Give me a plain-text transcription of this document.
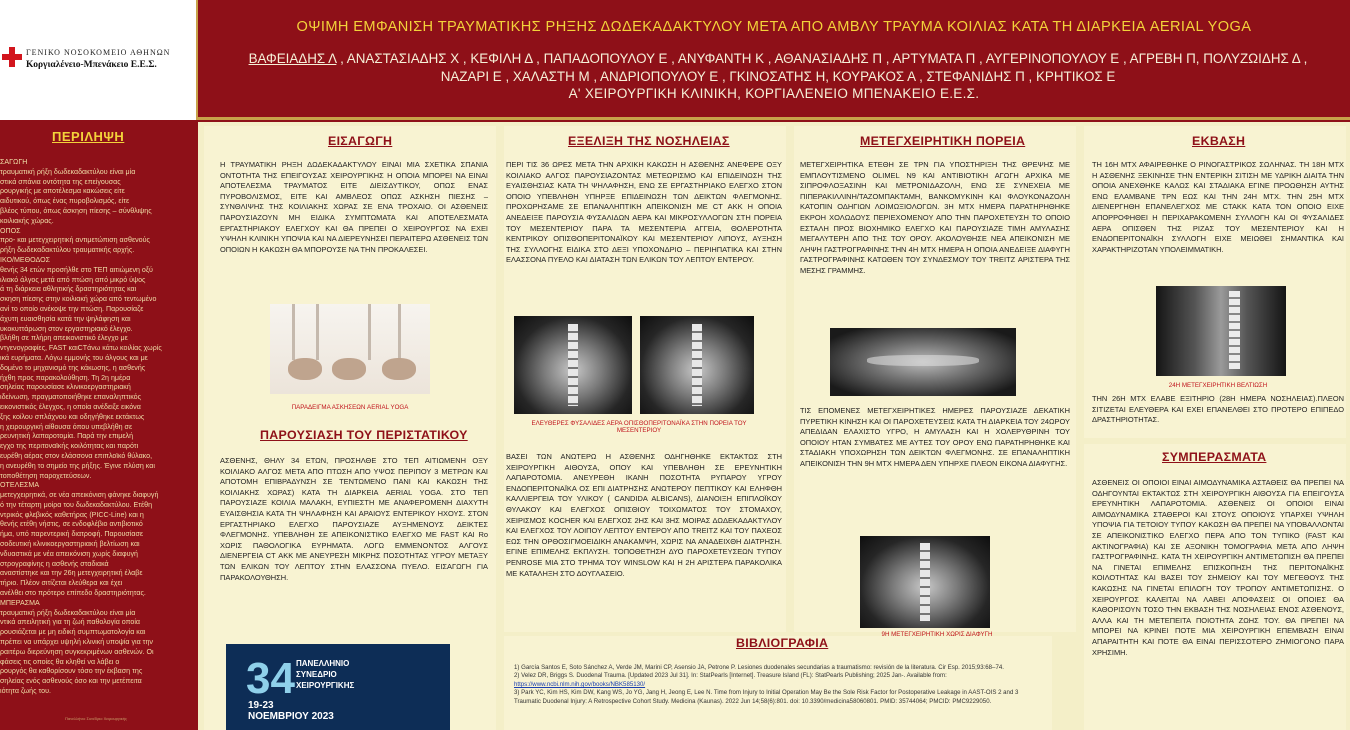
ΓΕΝΙΚΟ ΝΟΣΟΚΟΜΕΙΟ ΑΘΗΝΩΝ
Κοργιαλένειο-Μπενάκειο Ε.Ε.Σ.
ΟΨΙΜΗ ΕΜΦΑΝΙΣΗ ΤΡΑΥΜΑΤΙΚΗΣ ΡΗΞΗΣ ΔΩΔΕΚΑΔΑΚΤΥΛΟΥ ΜΕΤΑ ΑΠΟ ΑΜΒΛΥ ΤΡΑΥΜΑ ΚΟΙΛΙΑΣ ΚΑΤΑ ΤΗ ΔΙΑΡΚΕΙΑ AERIAL YOGA
ΒΑΦΕΙΑΔΗΣ Λ , ΑΝΑΣΤΑΣΙΑΔΗΣ Χ , ΚΕΦΙΛΗ Δ , ΠΑΠΑΔΟΠΟΥΛΟΥ Ε , ΑΝΥΦΑΝΤΗ Κ , ΑΘΑΝΑΣΙΑΔΗΣ Π , ΑΡΤΥΜΑΤΑ Π , ΑΥΓΕΡΙΝΟΠΟΥΛΟΥ Ε , ΑΓΡΕΒΗ Π, ΠΟΛΥΖΩΙΔΗΣ Δ , ΝΑΖΑΡΙ Ε , ΧΑΛΑΣΤΗ Μ , ΑΝΔΡΙΟΠΟΥΛΟΥ Ε , ΓΚΙΝΟΣΑΤΗΣ Η, ΚΟΥΡΑΚΟΣ Α , ΣΤΕΦΑΝΙΔΗΣ Π , ΚΡΗΤΙΚΟΣ Ε
Α' ΧΕΙΡΟΥΡΓΙΚΗ ΚΛΙΝΙΚΗ, ΚΟΡΓΙΑΛΕΝΕΙΟ ΜΠΕΝΑΚΕΙΟ Ε.Ε.Σ.
ΠΕΡΙΛΗΨΗ
ΣΑΓΩΓΗ
τραυματική ρήξη δωδεκαδακτύλου είναι μία
στικά σπάνια οντότητα της επείγουσας
ρουργικής με αποτέλεσμα κακώσεις είτε
αιδυτικού, όπως ένας πυροβολισμός, είτε
βλέος τύπου, όπως άσκηση πίεσης – σύνθλιψης
κοιλιακής χώρας.
ΟΠΟΣ
προ- και μετεγχειρητική αντιμετώπιση ασθενούς
ρήξη δωδεκαδακτύλου τραυματικής αρχής.
ΙΚΟ/ΜΕΘΟΔΟΣ
θενής 34 ετών προσήλθε στο ΤΕΠ αιτιώμενη οξύ
ιλιακό άλγος μετά από πτώση από μικρό ύψος
ά τη διάρκεια αθλητικής δραστηριότητας και
σκηση πίεσης στην κοιλιακή χώρα από τεντωμένο
ανί το οποίο ανέκοψε την πτώση. Παρουσίαζε
άχυτη ευαισθησία κατά την ψηλάφηση και
υκοκυττάρωση στον εργαστηριακό έλεγχο.
βλήθη σε πλήρη απεικονιστικό έλεγχο με
ντγενογραφίες, FAST καιCTάνω κάτω κοιλίας χωρίς
ικά ευρήματα. Λόγω εμμονής του άλγους και με
δομένο το μηχανισμό της κάκωσης, η ασθενής
ήχθη προς παρακολούθηση. Τη 2η ημέρα
σηλείας παρουσίασε κλινικοεργαστηριακή
ιδείνωση, πραγματοποιήθηκε επαναληπτικός
εικονιστικός έλεγχος, η οποία ανέδειξε εικόνα
ξης κοίλου σπλάχνου και οδηγήθηκε εκτάκτως
η χειρουργική αίθουσα όπου υπεβλήθη σε
ρευνητική λαπαροτομία. Παρά την επιμελή
εγχο της περιτοναϊκής κοιλότητας και παρότι
ευρέθη αέρας στον ελάσσονα επιπλοϊκό θύλακο,
η ανευρέθη το σημείο της ρήξης. Έγινε πλύση και
τοποθέτηση παροχετεύσεων.
ΟΤΕΛΕΣΜΑ
μετεγχειρητικά, σε νέα απεικόνιση φάνηκε διαφυγή
ό την τέταρτη μοίρα του δωδεκαδακτύλου. Ετέθη
ντρικός φλεβικός καθετήρας (PICC-Line) και η
θενής ετέθη νήστις, σε ενδοφλέβιο αντιβιοτικό
ήμα, υπό παρεντερική διατροφή. Παρουσίασε
σοδευτική κλινικοεργαστηριακή βελτίωση και
νδυαστικά με νέα απεικόνιση χωρίς διαφυγή
στρογραφίνης η ασθενής σταδιακά
αναστίστηκε και την 26η μετεγχειρητική έλαβε
τήριο. Πλέον σιτίζεται ελεύθερα και έχει
ανέλθει στο πρότερο επίπεδο δραστηριότητας.
ΜΠΕΡΑΣΜΑ
τραυματική ρήξη δωδεκαδακτύλου είναι μία
ντικά απειλητική για τη ζωή παθολογία οποία
ρουσιάζεται με μη ειδική συμπτωματολογία και
πρέπει να υπάρχει υψηλή κλινική υποψία για την
ραιτέρω διερεύνηση συγκεκριμένων ασθενών. Οι
φάσεις τις οποίες θα κληθεί να λάβει ο
ρουργός θα καθορίσουν τόσο την έκβαση της
σηλείας ενός ασθενούς όσο και την μετέπειτα
ιότητα ζωής του.
Πανελλήνιο Συνέδριο Χειρουργικής
ΕΙΣΑΓΩΓΗ
Η ΤΡΑΥΜΑΤΙΚΗ ΡΗΞΗ ΔΩΔΕΚΑΔΑΚΤΥΛΟΥ ΕΙΝΑΙ ΜΙΑ ΣΧΕΤΙΚΑ ΣΠΑΝΙΑ ΟΝΤΟΤΗΤΑ ΤΗΣ ΕΠΕΙΓΟΥΣΑΣ ΧΕΙΡΟΥΡΓΙΚΗΣ Η ΟΠΟΙΑ ΜΠΟΡΕΙ ΝΑ ΕΙΝΑΙ ΑΠΟΤΕΛΕΣΜΑ ΤΡΑΥΜΑΤΟΣ ΕΙΤΕ ΔΙΕΙΣΔΥΤΙΚΟΥ, ΟΠΩΣ ΕΝΑΣ ΠΥΡΟΒΟΛΙΣΜΟΣ, ΕΙΤΕ ΚΑΙ ΑΜΒΛΕΟΣ ΟΠΩΣ ΑΣΚΗΣΗ ΠΙΕΣΗΣ – ΣΥΝΘΛΙΨΗΣ ΤΗΣ ΚΟΙΛΙΑΚΗΣ ΧΩΡΑΣ ΣΕ ΕΝΑ ΤΡΟΧΑΙΟ. ΟΙ ΑΣΘΕΝΕΙΣ ΠΑΡΟΥΣΙΑΖΟΥΝ ΜΗ ΕΙΔΙΚΑ ΣΥΜΠΤΩΜΑΤΑ ΚΑΙ ΑΠΟΤΕΛΕΣΜΑΤΑ ΕΡΓΑΣΤΗΡΙΑΚΟΥ ΕΛΕΓΧΟΥ ΚΑΙ ΘΑ ΠΡΕΠΕΙ Ο ΧΕΙΡΟΥΡΓΟΣ ΝΑ ΕΧΕΙ ΥΨΗΛΗ ΚΛΙΝΙΚΗ ΥΠΟΨΙΑ ΚΑΙ ΝΑ ΔΙΕΡΕΥΝΗΣΕΙ ΠΕΡΑΙΤΕΡΩ ΑΣΘΕΝΕΙΣ ΤΩΝ ΟΠΟΙΩΝ Η ΚΑΚΩΣΗ ΘΑ ΜΠΟΡΟΥΣΕ ΝΑ ΤΗΝ ΠΡΟΚΑΛΕΣΕΙ.
ΠΑΡΑΔΕΙΓΜΑ ΑΣΚΗΣΕΩΝ AERIAL YOGA
ΠΑΡΟΥΣΙΑΣΗ ΤΟΥ ΠΕΡΙΣΤΑΤΙΚΟΥ
ΑΣΘΕΝΗΣ, ΘΗΛΥ 34 ΕΤΩΝ, ΠΡΟΣΗΛΘΕ ΣΤΟ ΤΕΠ ΑΙΤΙΩΜΕΝΗ ΟΞΥ ΚΟΙΛΙΑΚΟ ΑΛΓΟΣ ΜΕΤΑ ΑΠΟ ΠΤΩΣΗ ΑΠΟ ΥΨΟΣ ΠΕΡΙΠΟΥ 3 ΜΕΤΡΩΝ ΚΑΙ ΑΠΟΤΟΜΗ ΕΠΙΒΡΑΔΥΝΣΗ ΣΕ ΤΕΝΤΩΜΕΝΟ ΠΑΝΙ ΚΑΙ ΚΑΚΩΣΗ ΤΗΣ ΚΟΙΛΙΑΚΗΣ ΧΩΡΑΣ) ΚΑΤΑ ΤΗ ΔΙΑΡΚΕΙΑ AERIAL YOGA. ΣΤΟ ΤΕΠ ΠΑΡΟΥΣΙΑΖΕ ΚΟΙΛΙΑ ΜΑΛΑΚΗ, ΕΥΠΙΕΣΤΗ ΜΕ ΑΝΑΦΕΡΟΜΕΝΗ ΔΙΑΧΥΤΗ ΕΥΑΙΣΘΗΣΙΑ ΚΑΤΑ ΤΗ ΨΗΛΑΦΗΣΗ ΚΑΙ ΑΡΑΙΟΥΣ ΕΝΤΕΡΙΚΟΥ ΗΧΟΥΣ. ΣΤΟΝ ΕΡΓΑΣΤΗΡΙΑΚΟ ΕΛΕΓΧΟ ΠΑΡΟΥΣΙΑΖΕ ΑΥΞΗΜΕΝΟΥΣ ΔΕΙΚΤΕΣ ΦΛΕΓΜΟΝΗΣ. ΥΠΕΒΛΗΘΗ ΣΕ ΑΠΕΙΚΟΝΙΣΤΙΚΟ ΕΛΕΓΧΟ ΜΕ FAST ΚΑΙ Ro ΧΩΡΙΣ ΠΑΘΟΛΟΓΙΚΑ ΕΥΡΗΜΑΤΑ. ΛΟΓΩ ΕΜΜΕΝΟΝΤΟΣ ΑΛΓΟΥΣ ΔΙΕΝΕΡΓΕΙΑ CT ΑΚΚ ΜΕ ΑΝΕΥΡΕΣΗ ΜΙΚΡΗΣ ΠΟΣΟΤΗΤΑΣ ΥΓΡΟΥ ΜΕΤΑΞΥ ΤΩΝ ΕΛΙΚΩΝ ΤΟΥ ΛΕΠΤΟΥ ΣΤΗΝ ΕΛΑΣΣΟΝΑ ΠΥΕΛΟ. ΕΙΣΑΓΩΓΗ ΓΙΑ ΠΑΡΑΚΟΛΟΥΘΗΣΗ.
34 ΠΑΝΕΛΛΗΝΙΟ
ΣΥΝΕΔΡΙΟ
ΧΕΙΡΟΥΡΓΙΚΗΣ
19-23
ΝΟΕΜΒΡΙΟΥ 2023
ΕΞΕΛΙΞΗ ΤΗΣ ΝΟΣΗΛΕΙΑΣ
ΠΕΡΙ ΤΙΣ 36 ΩΡΕΣ ΜΕΤΑ ΤΗΝ ΑΡΧΙΚΗ ΚΑΚΩΣΗ Η ΑΣΘΕΝΗΣ ΑΝΕΦΕΡΕ ΟΞΥ ΚΟΙΛΙΑΚΟ ΑΛΓΟΣ ΠΑΡΟΥΣΙΑΖΟΝΤΑΣ ΜΕΤΕΩΡΙΣΜΟ ΚΑΙ ΕΠΙΔΕΙΝΩΣΗ ΤΗΣ ΕΥΑΙΣΘΗΣΙΑΣ ΚΑΤΑ ΤΗ ΨΗΛΑΦΗΣΗ, ΕΝΩ ΣΕ ΕΡΓΑΣΤΗΡΙΑΚΟ ΕΛΕΓΧΟ ΣΤΟΝ ΟΠΟΙΟ ΥΠΕΒΛΗΘΗ ΥΠΗΡΞΕ ΕΠΙΔΕΙΝΩΣΗ ΤΩΝ ΔΕΙΚΤΩΝ ΦΛΕΓΜΟΝΗΣ. ΠΡΟΧΩΡΗΣΑΜΕ ΣΕ ΕΠΑΝΑΛΗΠΤΙΚΗ ΑΠΕΙΚΟΝΙΣΗ ΜΕ CT ΑΚΚ Η ΟΠΟΙΑ ΑΝΕΔΕΙΞΕ ΠΑΡΟΥΣΙΑ ΦΥΣΑΛΙΔΩΝ ΑΕΡΑ ΚΑΙ ΜΙΚΡΟΣΥΛΛΟΓΩΝ ΣΤΗ ΠΟΡΕΙΑ ΤΟΥ ΜΕΣΕΝΤΕΡΙΟΥ ΠΑΡΑ ΤΑ ΜΕΣΕΝΤΕΡΙΑ ΑΓΓΕΙΑ, ΘΟΛΕΡΟΤΗΤΑ ΚΕΝΤΡΙΚΟΥ ΟΠΙΣΘΟΠΕΡΙΤΟΝΑΪΚΟΥ ΚΑΙ ΜΕΣΕΝΤΕΡΙΟΥ ΛΙΠΟΥΣ, ΑΥΞΗΣΗ ΤΗΣ ΣΥΛΛΟΓΗΣ ΕΙΔΙΚΑ ΣΤΟ ΔΕΞΙ ΥΠΟΧΟΝΔΡΙΟ – ΠΕΡΙΗΠΑΤΙΚΑ ΚΑΙ ΣΤΗΝ ΕΛΑΣΣΟΝΑ ΠΥΕΛΟ ΚΑΙ ΔΙΑΤΑΣΗ ΤΩΝ ΕΛΙΚΩΝ ΤΟΥ ΛΕΠΤΟΥ ΕΝΤΕΡΟΥ.
ΕΛΕΥΘΕΡΕΣ ΦΥΣΑΛΙΔΕΣ ΑΕΡΑ ΟΠΙΣΘΟΠΕΡΙΤΟΝΑΪΚΑ ΣΤΗΝ ΠΟΡΕΙΑ ΤΟΥ ΜΕΣΕΝΤΕΡΙΟΥ
ΒΑΣΕΙ ΤΩΝ ΑΝΩΤΕΡΩ Η ΑΣΘΕΝΗΣ ΟΔΗΓΗΘΗΚΕ ΕΚΤΑΚΤΩΣ ΣΤΗ ΧΕΙΡΟΥΡΓΙΚΗ ΑΙΘΟΥΣΑ, ΟΠΟΥ ΚΑΙ ΥΠΕΒΛΗΘΗ ΣΕ ΕΡΕΥΝΗΤΙΚΗ ΛΑΠΑΡΟΤΟΜΙΑ. ΑΝΕΥΡΕΘΗ ΙΚΑΝΗ ΠΟΣΟΤΗΤΑ ΡΥΠΑΡΟΥ ΥΓΡΟΥ ΕΝΔΟΠΕΡΙΤΟΝΑΪΚΑ ΟΣ ΕΠΙ ΔΙΑΤΡΗΣΗΣ ΑΝΩΤΕΡΟΥ ΠΕΠΤΙΚΟΥ ΚΑΙ ΕΛΗΦΘΗ ΚΑΛΛΙΕΡΓΕΙΑ ΤΟΥ ΥΛΙΚΟΥ ( CANDIDA ALBICANS), ΔΙΑΝΟΙΞΗ ΕΠΙΠΛΟΪΚΟΥ ΘΥΛΑΚΟΥ ΚΑΙ ΕΛΕΓΧΟΣ ΟΠΙΣΘΙΟΥ ΤΟΙΧΩΜΑΤΟΣ ΤΟΥ ΣΤΟΜΑΧΟΥ, ΧΕΙΡΙΣΜΟΣ KOCHER ΚΑΙ ΕΛΕΓΧΟΣ 2ΗΣ ΚΑΙ 3ΗΣ ΜΟΙΡΑΣ ΔΩΔΕΚΑΔΑΚΤΥΛΟΥ ΚΑΙ ΕΛΕΓΧΟΣ ΤΟΥ ΛΟΙΠΟΥ ΛΕΠΤΟΥ ΕΝΤΕΡΟΥ ΑΠΟ TREITZ ΚΑΙ ΤΟΥ ΠΑΧΕΟΣ ΕΩΣ ΤΗΝ ΟΡΘΟΣΙΓΜΟΕΙΔΙΚΗ ΑΝΑΚΑΜΨΗ, ΧΩΡΙΣ ΝΑ ΑΝΑΔΕΙΧΘΗ ΔΙΑΤΡΗΣΗ. ΕΓΙΝΕ ΕΠΙΜΕΛΗΣ ΕΚΠΛΥΣΗ. ΤΟΠΟΘΕΤΗΣΗ ΔΥΟ ΠΑΡΟΧΕΤΕΥΣΕΩΝ ΤΥΠΟΥ PENROSE ΜΙΑ ΣΤΟ ΤΡΗΜΑ ΤΟΥ WINSLOW ΚΑΙ Η 2Η ΑΡΙΣΤΕΡΑ ΠΑΡΑΚΟΛΙΚΑ ΜΕ ΚΑΤΑΛΗΞΗ ΣΤΟ ΔΟΥΓΛΑΣΕΙΟ.
ΒΙΒΛΙΟΓΡΑΦΙΑ
1) García Santos E, Soto Sánchez A, Verde JM, Marini CP, Asensio JA, Petrone P. Lesiones duodenales secundarias a traumatismo: revisión de la literatura. Cir Esp. 2015;93:68–74.
2) Velez DR, Briggs S. Duodenal Trauma. [Updated 2023 Jul 31]. In: StatPearls [Internet]. Treasure Island (FL): StatPearls Publishing; 2025 Jan-. Available from:
https://www.ncbi.nlm.nih.gov/books/NBK585130/
3) Park YC, Kim HS, Kim DW, Kang WS, Jo YG, Jang H, Jeong E, Lee N. Time from Injury to Initial Operation May Be the Sole Risk Factor for Postoperative Leakage in AAST-OIS 2 and 3 Traumatic Duodenal Injury: A Retrospective Cohort Study. Medicina (Kaunas). 2022 Jun 14;58(6):801. doi: 10.3390/medicina58060801. PMID: 35744064; PMCID: PMC9229050.
ΜΕΤΕΓΧΕΙΡΗΤΙΚΗ ΠΟΡΕΙΑ
ΜΕΤΕΓΧΕΙΡΗΤΙΚΑ ΕΤΕΘΗ ΣΕ TPN ΓΙΑ ΥΠΟΣΤΗΡΙΞΗ ΤΗΣ ΘΡΕΨΗΣ ΜΕ ΕΜΠΛΟΥΤΙΣΜΕΝΟ OLIMEL N9 ΚΑΙ ΑΝΤΙΒΙΟΤΙΚΗ ΑΓΩΓΗ ΑΡΧΙΚΑ ΜΕ ΣΙΠΡΟΦΛΟΞΑΣΙΝΗ ΚΑΙ ΜΕΤΡΟΝΙΔΑΖΟΛΗ, ΕΝΩ ΣΕ ΣΥΝΕΧΕΙΑ ΜΕ ΠΙΠΕΡΑΚΙΛΛΙΝΗ/ΤΑΖΟΜΠΑΚΤΑΜΗ, ΒΑΝΚΟΜΥΚΙΝΗ ΚΑΙ ΦΛΟΥΚΟΝΑΖΟΛΗ ΚΑΤΟΠΙΝ ΟΔΗΓΙΩΝ ΛΟΙΜΩΞΙΟΛΟΓΩΝ. 3Η ΜΤΧ ΗΜΕΡΑ ΠΑΡΑΤΗΡΗΘΗΚΕ ΕΚΡΟΗ ΧΟΛΩΔΟΥΣ ΠΕΡΙΕΧΟΜΕΝΟΥ ΑΠΟ ΤΗΝ ΠΑΡΟΧΕΤΕΥΣΗ ΤΟ ΟΠΟΙΟ ΕΣΤΑΛΗ ΠΡΟΣ ΒΙΟΧΗΜΙΚΟ ΕΛΕΓΧΟ ΚΑΙ ΠΑΡΟΥΣΙΑΖΕ ΤΙΜΗ ΑΜΥΛΑΣΗΣ ΜΕΓΑΛΥΤΕΡΗ ΑΠΟ ΤΗΣ ΤΟΥ ΟΡΟΥ. ΑΚΟΛΟΥΘΗΣΕ ΝΕΑ ΑΠΕΙΚΟΝΙΣΗ ΜΕ ΛΗΨΗ ΓΑΣΤΡΟΓΡΑΦΙΝΗΣ ΤΗΝ 4Η ΜΤΧ ΗΜΕΡΑ Η ΟΠΟΙΑ ΑΝΕΔΕΙΞΕ ΔΙΑΦΥΓΗ ΓΑΣΤΡΟΓΡΑΦΙΝΗΣ ΚΑΤΩΘΕΝ ΤΟΥ ΣΥΝΔΕΣΜΟΥ ΤΟΥ TREITZ ΑΡΙΣΤΕΡΑ ΤΗΣ ΜΕΣΗΣ ΓΡΑΜΜΗΣ.
ΤΙΣ ΕΠΟΜΕΝΕΣ ΜΕΤΕΓΧΕΙΡΗΤΙΚΕΣ ΗΜΕΡΕΣ ΠΑΡΟΥΣΙΑΖΕ ΔΕΚΑΤΙΚΗ ΠΥΡΕΤΙΚΗ ΚΙΝΗΣΗ ΚΑΙ ΟΙ ΠΑΡΟΧΕΤΕΥΣΕΙΣ ΚΑΤΑ ΤΗ ΔΙΑΡΚΕΙΑ ΤΟΥ 24ΩΡΟΥ ΑΠΕΔΙΔΑΝ ΕΛΑΧΙΣΤΟ ΥΓΡΟ, Η ΑΜΥΛΑΣΗ ΚΑΙ Η ΧΟΛΕΡΥΘΡΙΝΗ ΤΟΥ ΟΠΟΙΟΥ ΗΤΑΝ ΣΥΜΒΑΤΕΣ ΜΕ ΑΥΤΕΣ ΤΟΥ ΟΡΟΥ ΕΝΩ ΠΑΡΑΤΗΡΗΘΗΚΕ ΚΑΙ ΣΤΑΔΙΑΚΗ ΥΠΟΧΩΡΗΣΗ ΤΩΝ ΔΕΙΚΤΩΝ ΦΛΕΓΜΟΝΗΣ. ΣΕ ΕΠΑΝΑΛΗΠΤΙΚΗ ΑΠΕΙΚΟΝΙΣΗ ΤΗΝ 9Η ΜΤΧ ΗΜΕΡΑ ΔΕΝ ΥΠΗΡΧΕ ΠΛΕΟΝ ΕΙΚΟΝΑ ΔΙΑΦΥΓΗΣ.
9Η ΜΕΤΕΓΧΕΙΡΗΤΙΚΗ ΧΩΡΙΣ ΔΙΑΦΥΓΗ
ΕΚΒΑΣΗ
ΤΗ 16Η ΜΤΧ ΑΦΑΙΡΕΘΗΚΕ Ο ΡΙΝΟΓΑΣΤΡΙΚΟΣ ΣΩΛΗΝΑΣ. ΤΗ 18Η ΜΤΧ Η ΑΣΘΕΝΗΣ ΞΕΚΙΝΗΣΕ ΤΗΝ ΕΝΤΕΡΙΚΗ ΣΙΤΙΣΗ ΜΕ ΥΔΡΙΚΗ ΔΙΑΙΤΑ ΤΗΝ ΟΠΟΙΑ ΑΝΕΧΘΗΚΕ ΚΑΛΩΣ ΚΑΙ ΣΤΑΔΙΑΚΑ ΕΓΙΝΕ ΠΡΟΩΘΗΣΗ ΑΥΤΗΣ ΕΝΩ ΕΛΑΜΒΑΝΕ TPN ΕΩΣ ΚΑΙ ΤΗΝ 24Η ΜΤΧ. ΤΗΝ 25Η ΜΤΧ ΔΙΕΝΕΡΓΗΘΗ ΕΠΑΝΕΛΕΓΧΟΣ ΜΕ CTAKK ΚΑΤΑ ΤΟΝ ΟΠΟΙΟ ΕΙΧΕ ΑΠΟΡΡΟΦΗΘΕΙ Η ΠΕΡΙΧΑΡΑΚΩΜΕΝΗ ΣΥΛΛΟΓΗ ΚΑΙ ΟΙ ΦΥΣΑΛΙΔΕΣ ΑΕΡΑ ΟΠΙΣΘΕΝ ΤΗΣ ΡΙΖΑΣ ΤΟΥ ΜΕΣΕΝΤΕΡΙΟΥ ΚΑΙ Η ΕΝΔΟΠΕΡΙΤΟΝΑΪΚΗ ΣΥΛΛΟΓΗ ΕΙΧΕ ΜΕΙΩΘΕΙ ΣΗΜΑΝΤΙΚΑ ΚΑΙ ΧΑΡΑΚΤΗΡΙΖΟΤΑΝ ΥΠΟΛΕΙΜΜΑΤΙΚΗ.
24Η ΜΕΤΕΓΧΕΙΡΗΤΙΚΗ ΒΕΛΤΙΩΣΗ
ΤΗΝ 26Η ΜΤΧ ΕΛΑΒΕ ΕΞΙΤΗΡΙΟ (28Η ΗΜΕΡΑ ΝΟΣΗΛΕΙΑΣ).ΠΛΕΟΝ ΣΙΤΙΖΕΤΑΙ ΕΛΕΥΘΕΡΑ ΚΑΙ ΕΧΕΙ ΕΠΑΝΕΛΘΕΙ ΣΤΟ ΠΡΟΤΕΡΟ ΕΠΙΠΕΔΟ ΔΡΑΣΤΗΡΙΟΤΗΤΑΣ.
ΣΥΜΠΕΡΑΣΜΑΤΑ
ΑΣΘΕΝΕΙΣ ΟΙ ΟΠΟΙΟΙ ΕΙΝΑΙ ΑΙΜΟΔΥΝΑΜΙΚΑ ΑΣΤΑΘΕΙΣ ΘΑ ΠΡΕΠΕΙ ΝΑ ΟΔΗΓΟΥΝΤΑΙ ΕΚΤΑΚΤΩΣ ΣΤΗ ΧΕΙΡΟΥΡΓΙΚΗ ΑΙΘΟΥΣΑ ΓΙΑ ΕΠΕΙΓΟΥΣΑ ΕΡΕΥΝΗΤΙΚΗ ΛΑΠΑΡΟΤΟΜΙΑ. ΑΣΘΕΝΕΙΣ ΟΙ ΟΠΟΙΟΙ ΕΙΝΑΙ ΑΙΜΟΔΥΝΑΜΙΚΑ ΣΤΑΘΕΡΟΙ ΚΑΙ ΣΤΟΥΣ ΟΠΟΙΟΥΣ ΥΠΑΡΧΕΙ ΥΨΗΛΗ ΥΠΟΨΙΑ ΓΙΑ ΤΕΤΟΙΟΥ ΤΥΠΟΥ ΚΑΚΩΣΗ ΘΑ ΠΡΕΠΕΙ ΝΑ ΥΠΟΒΑΛΛΟΝΤΑΙ ΣΕ ΑΠΕΙΚΟΝΙΣΤΙΚΟ ΕΛΕΓΧΟ ΠΕΡΑ ΑΠΟ ΤΟΝ ΤΥΠΙΚΟ (FAST ΚΑΙ ΑΚΤΙΝΟΓΡΑΦΙΑ) ΚΑΙ ΣΕ ΑΞΟΝΙΚΗ ΤΟΜΟΓΡΑΦΙΑ ΜΕΤΑ ΑΠΟ ΛΗΨΗ ΓΑΣΤΡΟΓΡΑΦΙΝΗΣ. ΚΑΤΑ ΤΗ ΧΕΙΡΟΥΡΓΙΚΗ ΑΝΤΙΜΕΤΩΠΙΣΗ ΘΑ ΠΡΕΠΕΙ ΝΑ ΓΙΝΕΤΑΙ ΕΠΙΜΕΛΗΣ ΕΠΙΣΚΟΠΗΣΗ ΤΗΣ ΠΕΡΙΤΟΝΑΪΚΗΣ ΚΟΙΛΟΤΗΤΑΣ ΚΑΙ ΒΑΣΕΙ ΤΟΥ ΣΗΜΕΙΟΥ ΚΑΙ ΤΟΥ ΜΕΓΕΘΟΥΣ ΤΗΣ ΚΑΚΩΣΗΣ ΝΑ ΓΙΝΕΤΑΙ ΕΠΙΛΟΓΗ ΤΟΥ ΤΡΟΠΟΥ ΑΝΤΙΜΕΤΩΠΙΣΗΣ. Ο ΧΕΙΡΟΥΡΓΟΣ ΚΑΛΕΙΤΑΙ ΝΑ ΛΑΒΕΙ ΑΠΟΦΑΣΕΙΣ ΟΙ ΟΠΟΙΕΣ ΘΑ ΚΑΘΟΡΙΣΟΥΝ ΤΟΣΟ ΤΗΝ ΕΚΒΑΣΗ ΤΗΣ ΝΟΣΗΛΕΙΑΣ ΕΝΟΣ ΑΣΘΕΝΟΥΣ, ΑΛΛΑ ΚΑΙ ΤΗ ΜΕΤΕΠΕΙΤΑ ΠΟΙΟΤΗΤΑ ΖΩΗΣ ΤΟΥ. ΘΑ ΠΡΕΠΕΙ ΝΑ ΜΠΟΡΕΙ ΝΑ ΚΡΙΝΕΙ ΠΟΤΕ ΜΙΑ ΧΕΙΡΟΥΡΓΙΚΗ ΕΠΕΜΒΑΣΗ ΕΙΝΑΙ ΑΠΑΡΑΙΤΗΤΗ ΚΑΙ ΠΟΤΕ ΘΑ ΕΙΝΑΙ ΠΕΡΙΣΣΟΤΕΡΟ ΖΗΜΙΟΓΟΝΟ ΠΑΡΑ ΧΡΗΣΙΜΗ.
